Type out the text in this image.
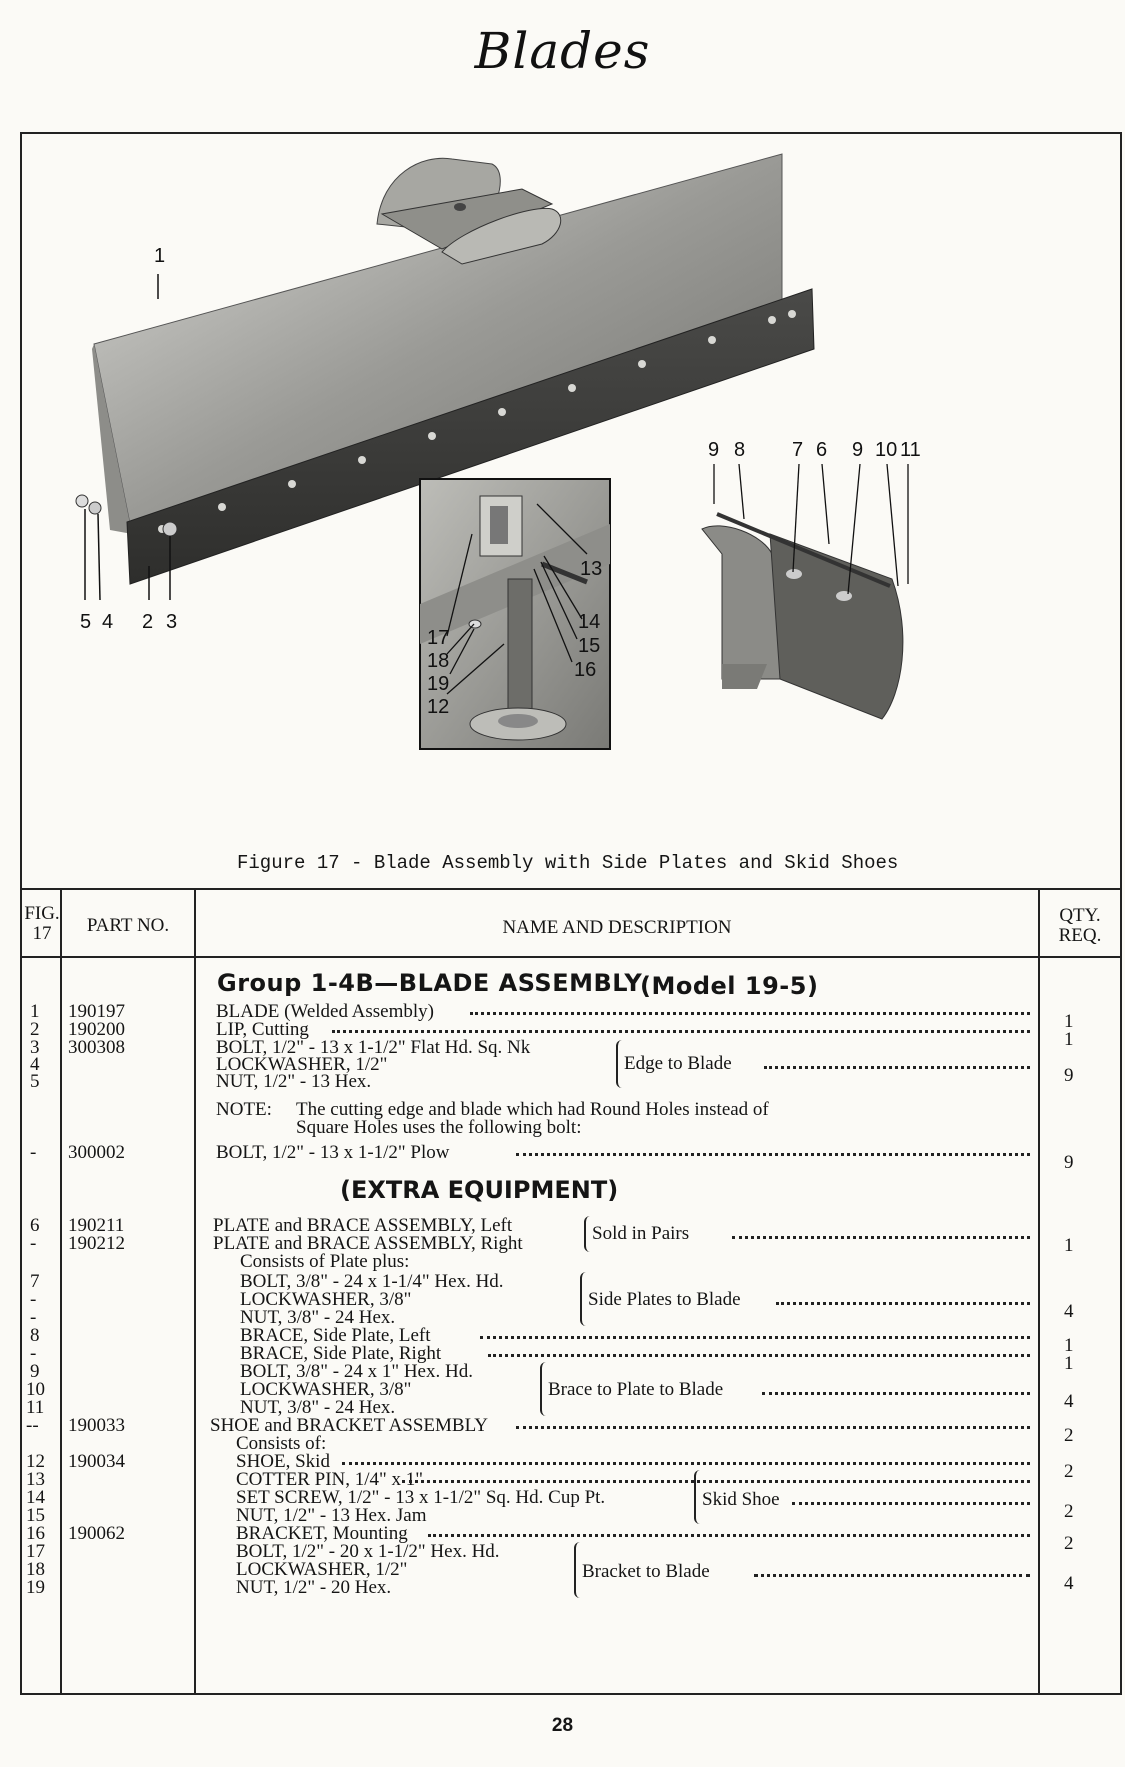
Blades
1
5 4 2 3
9 8 7 6 9 10 11
13
14
15
16
17
18
19
12
Figure 17 - Blade Assembly with Side Plates and Skid Shoes
FIG.
17	PART NO.	NAME AND DESCRIPTION
QTY.
REQ.
Group 1-4B—BLADE ASSEMBLY
(Model 19-5)
1
2
3
4
5
-
6
-
7
-
-
8
-
9
10
11
--
12
13
14
15
16
17
18
19
190197
190200
300308
300002
190211
190212
190033
190034
190062
BLADE (Welded Assembly)
LIP, Cutting
BOLT, 1/2" - 13 x 1-1/2" Flat Hd. Sq. Nk
LOCKWASHER, 1/2"
NUT, 1/2" - 13 Hex.
NOTE: The cutting edge and blade which had Round Holes instead of
Square Holes uses the following bolt:
BOLT, 1/2" - 13 x 1-1/2" Plow
(EXTRA EQUIPMENT)
PLATE and BRACE ASSEMBLY, Left
PLATE and BRACE ASSEMBLY, Right
Consists of Plate plus:
BOLT, 3/8" - 24 x 1-1/4" Hex. Hd.
LOCKWASHER, 3/8"
NUT, 3/8" - 24 Hex.
BRACE, Side Plate, Left
BRACE, Side Plate, Right
BOLT, 3/8" - 24 x 1" Hex. Hd.
LOCKWASHER, 3/8"
NUT, 3/8" - 24 Hex.
SHOE and BRACKET ASSEMBLY
Consists of:
SHOE, Skid
COTTER PIN, 1/4" x 1"
SET SCREW, 1/2" - 13 x 1-1/2" Sq. Hd. Cup Pt.
NUT, 1/2" - 13 Hex. Jam
BRACKET, Mounting
BOLT, 1/2" - 20 x 1-1/2" Hex. Hd.
LOCKWASHER, 1/2"
NUT, 1/2" - 20 Hex.
Edge to Blade
Sold in Pairs
Side Plates to Blade
Brace to Plate to Blade
Skid Shoe
Bracket to Blade
1
1
9
9
1
4
1
1
4
2
2
2
2
4
28
